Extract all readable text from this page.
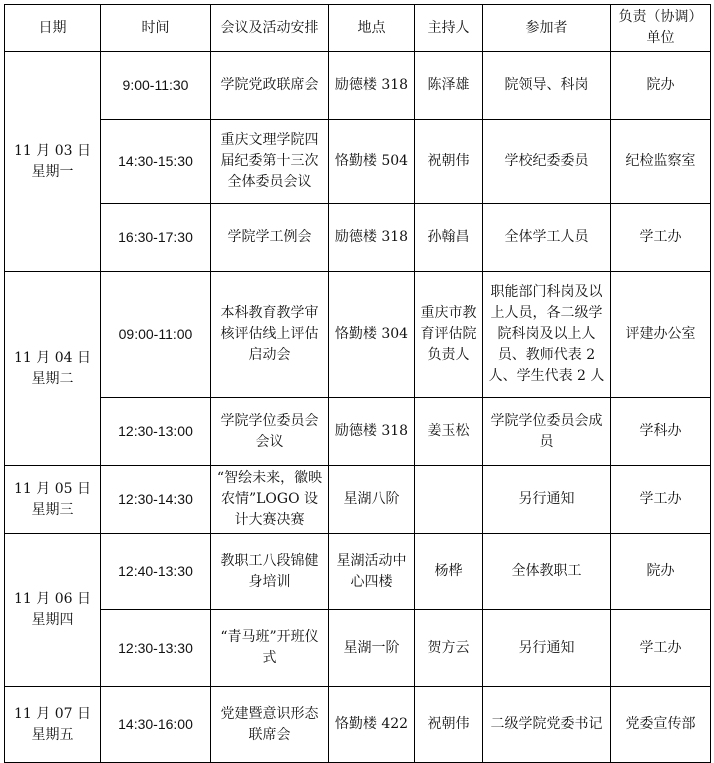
日期	时间	会议及活动安排	地点	主持人	参加者	负责（协调）单位

11 月 03 日
星期一	9:00-11:30	学院党政联席会	励德楼 318	陈泽雄	院领导、科岗	院办
	14:30-15:30	重庆文理学院四届纪委第十三次全体委员会议	恪勤楼 504	祝朝伟	学校纪委委员	纪检监察室
	16:30-17:30	学院学工例会	励德楼 318	孙翰昌	全体学工人员	学工办

11 月 04 日
星期二	09:00-11:00	本科教育教学审核评估线上评估启动会	恪勤楼 304	重庆市教育评估院负责人	职能部门科岗及以上人员，各二级学院科岗及以上人员、教师代表 2 人、学生代表 2 人	评建办公室
	12:30-13:00	学院学位委员会会议	励德楼 318	姜玉松	学院学位委员会成员	学科办

11 月 05 日
星期三	12:30-14:30	“智绘未来，徽映农情”LOGO 设计大赛决赛	星湖八阶		另行通知	学工办

11 月 06 日
星期四	12:40-13:30	教职工八段锦健身培训	星湖活动中心四楼	杨桦	全体教职工	院办
	12:30-13:30	“青马班”开班仪式	星湖一阶	贺方云	另行通知	学工办

11 月 07 日
星期五	14:30-16:00	党建暨意识形态联席会	恪勤楼 422	祝朝伟	二级学院党委书记	党委宣传部
